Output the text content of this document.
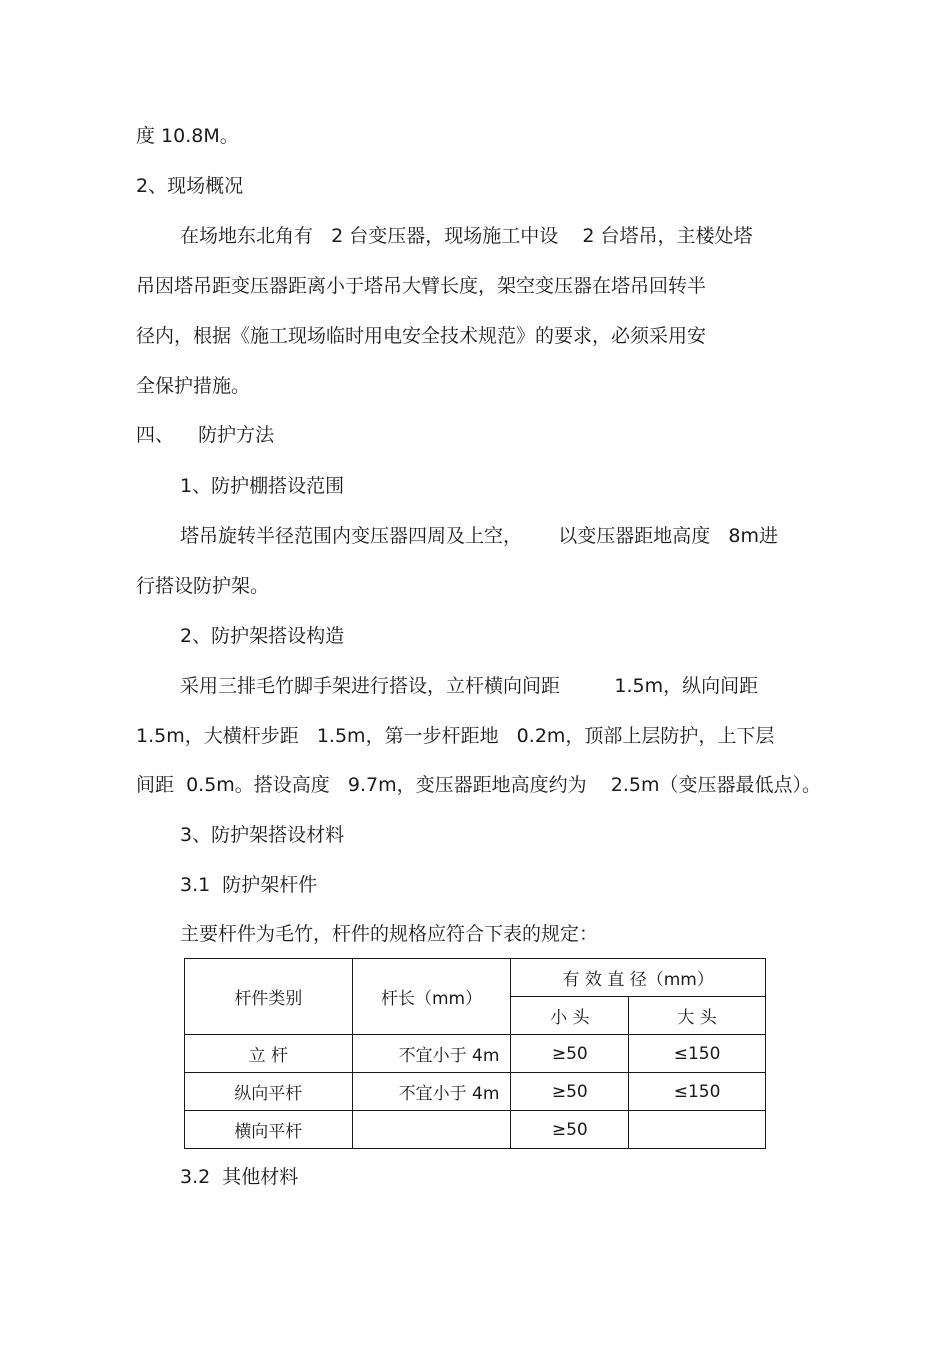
度 10.8M。
2、现场概况
在场地东北角有   2 台变压器，现场施工中设    2 台塔吊，主楼处塔
吊因塔吊距变压器距离小于塔吊大臂长度，架空变压器在塔吊回转半
径内，根据《施工现场临时用电安全技术规范》的要求，必须采用安
全保护措施。
四、    防护方法
1、防护棚搭设范围
塔吊旋转半径范围内变压器四周及上空，      以变压器距地高度   8m进
行搭设防护架。
2、防护架搭设构造
采用三排毛竹脚手架进行搭设，立杆横向间距         1.5m，纵向间距
1.5m，大横杆步距   1.5m，第一步杆距地   0.2m，顶部上层防护，上下层
间距  0.5m。搭设高度   9.7m，变压器距地高度约为    2.5m（变压器最低点）。
3、防护架搭设材料
3.1  防护架杆件
主要杆件为毛竹，杆件的规格应符合下表的规定：
杆件类别	杆长（mm）	有 效 直 径（mm）	
		小 头	大 头
立 杆	不宜小于 4m	≥50	≤150
纵向平杆	不宜小于 4m	≥50	≤150
横向平杆		≥50	
3.2  其他材料
